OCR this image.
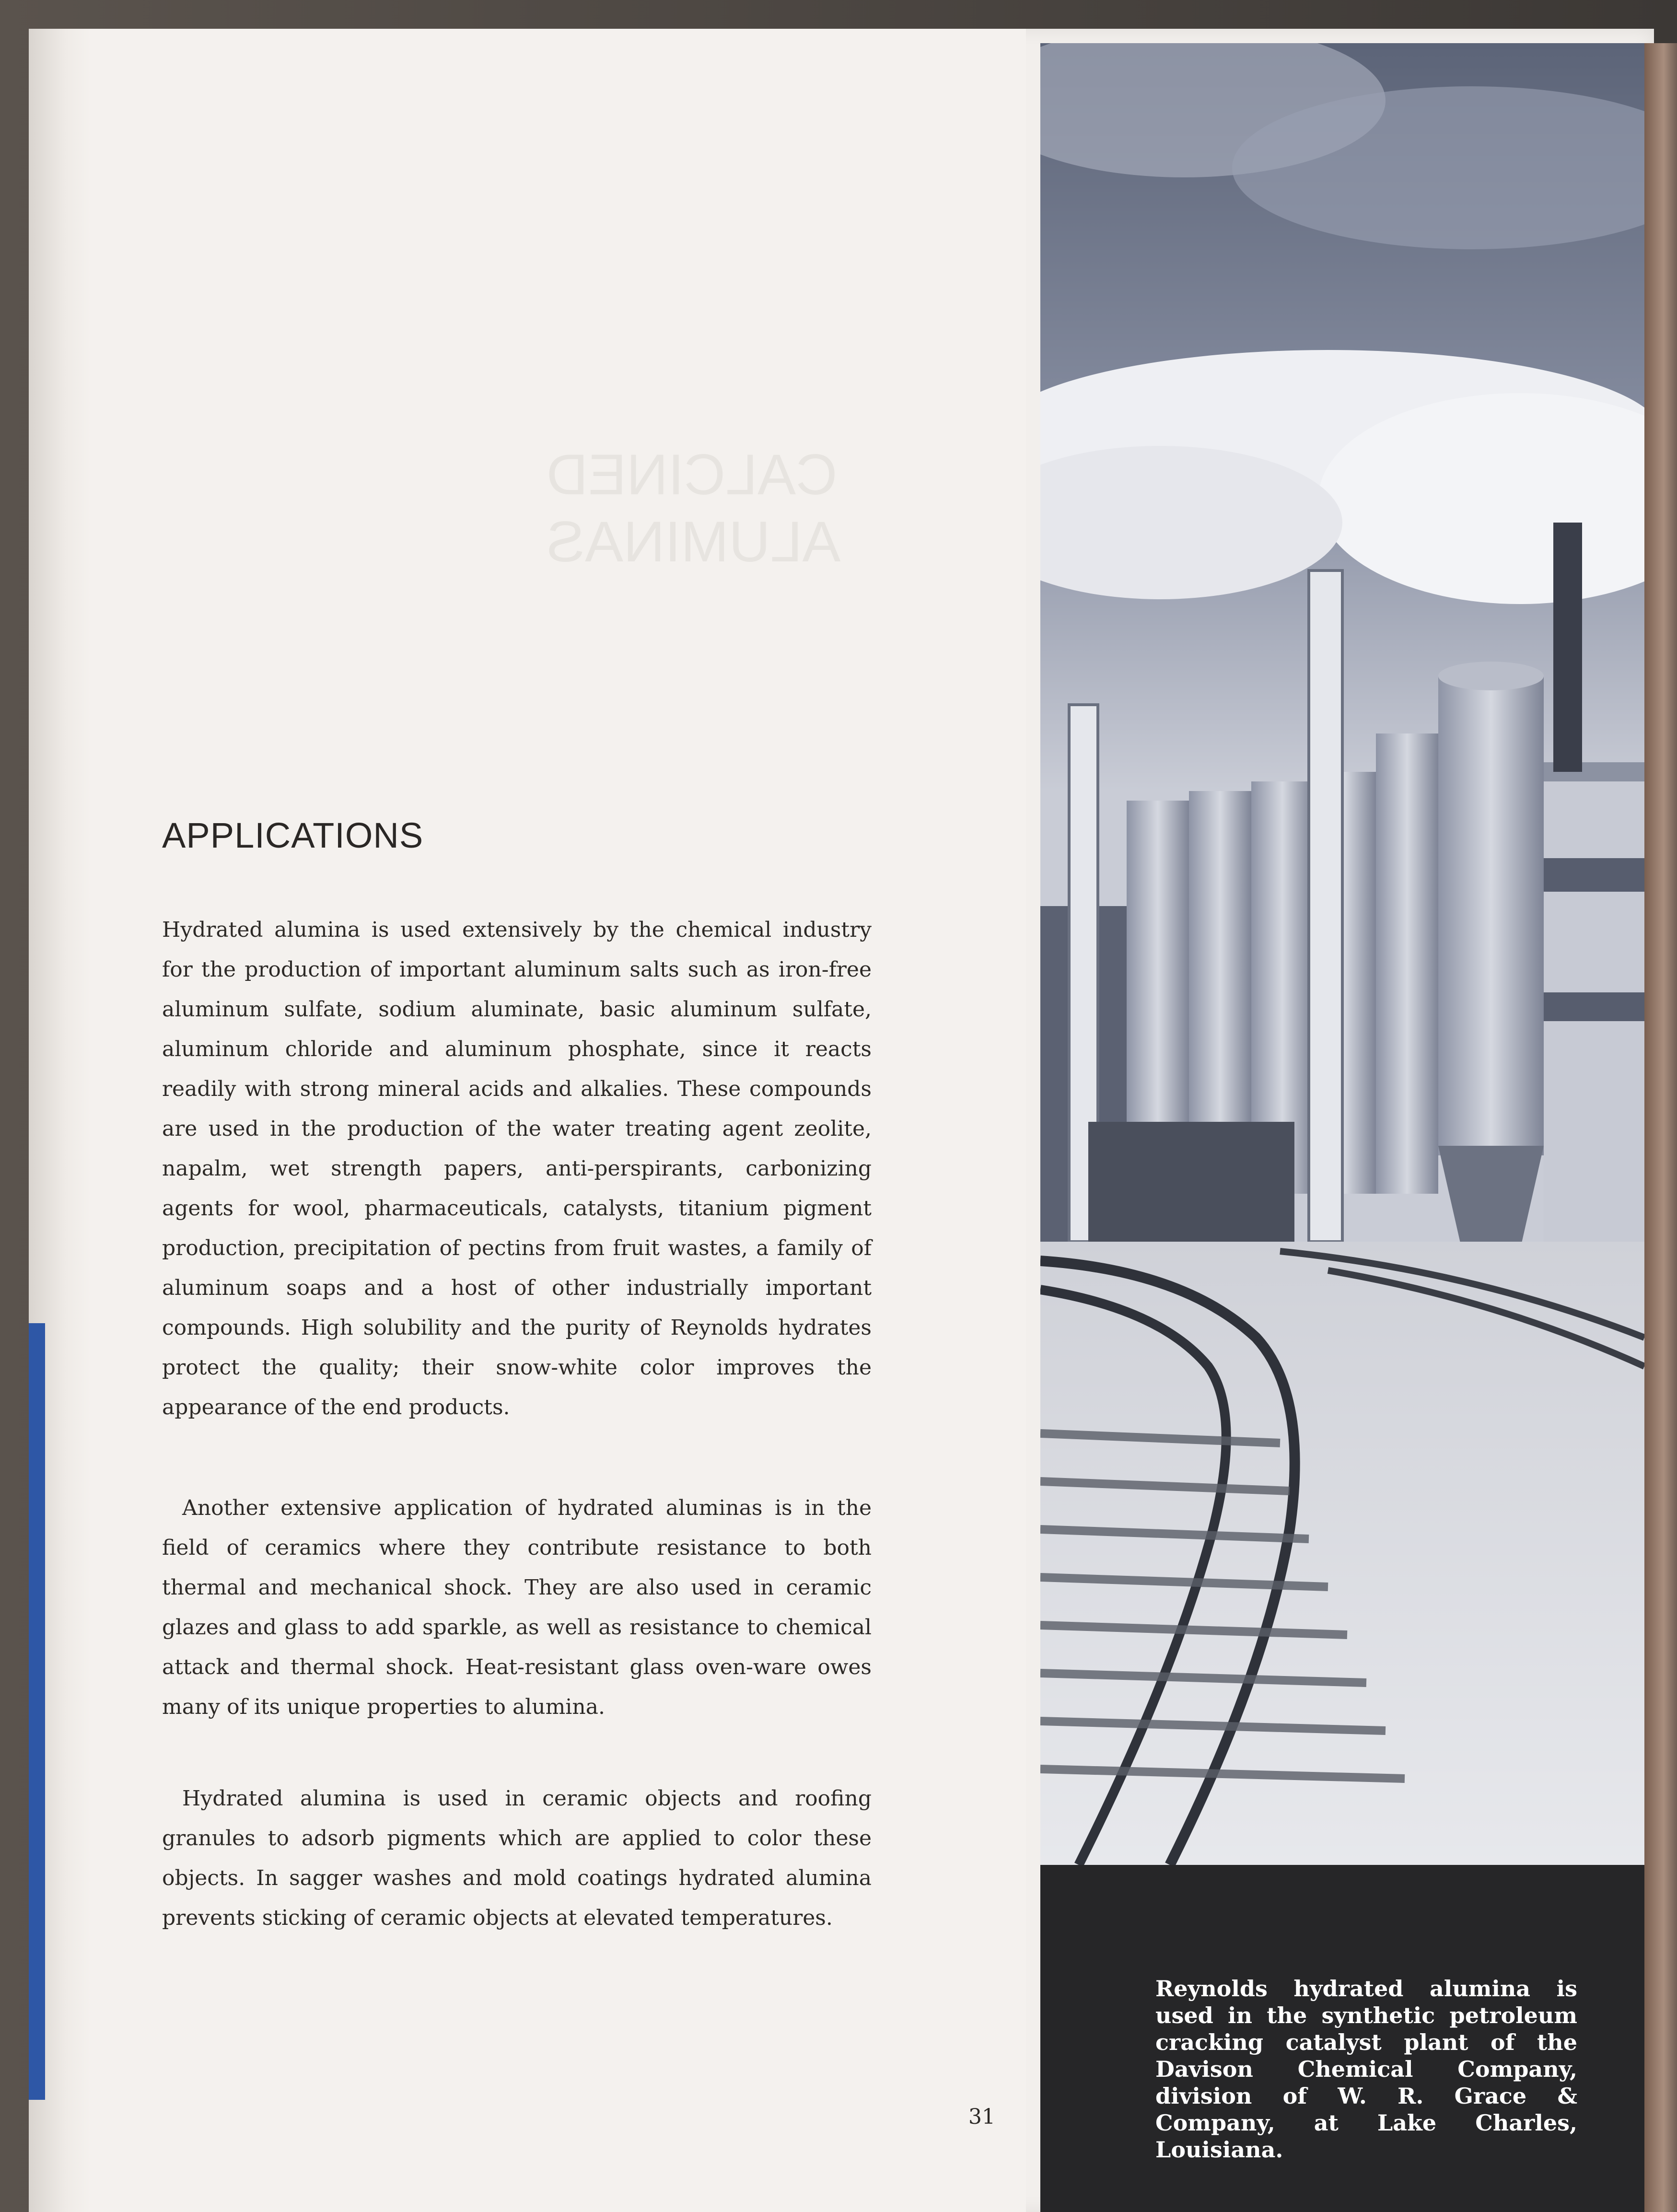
CALCINED ALUMINAS
APPLICATIONS

Hydrated alumina is used extensively by the chemical industry for the production of important aluminum salts such as iron-free aluminum sulfate, sodium aluminate, basic aluminum sulfate, aluminum chloride and aluminum phosphate, since it reacts readily with strong mineral acids and alkalies. These compounds are used in the production of the water treating agent zeolite, napalm, wet strength papers, anti-perspirants, carbonizing agents for wool, pharmaceuticals, catalysts, titanium pigment production, precipitation of pectins from fruit wastes, a family of aluminum soaps and a host of other industrially important compounds. High solubility and the purity of Reynolds hydrates protect the quality; their snow-white color improves the appearance of the end products.

Another extensive application of hydrated aluminas is in the field of ceramics where they contribute resistance to both thermal and mechanical shock. They are also used in ceramic glazes and glass to add sparkle, as well as resistance to chemical attack and thermal shock. Heat-resistant glass oven-ware owes many of its unique properties to alumina.

Hydrated alumina is used in ceramic objects and roofing granules to adsorb pigments which are applied to color these objects. In sagger washes and mold coatings hydrated alumina prevents sticking of ceramic objects at elevated temperatures.

31

Reynolds hydrated alumina is used in the synthetic petroleum cracking catalyst plant of the Davison Chemical Company, division of W. R. Grace & Company, at Lake Charles, Louisiana.
